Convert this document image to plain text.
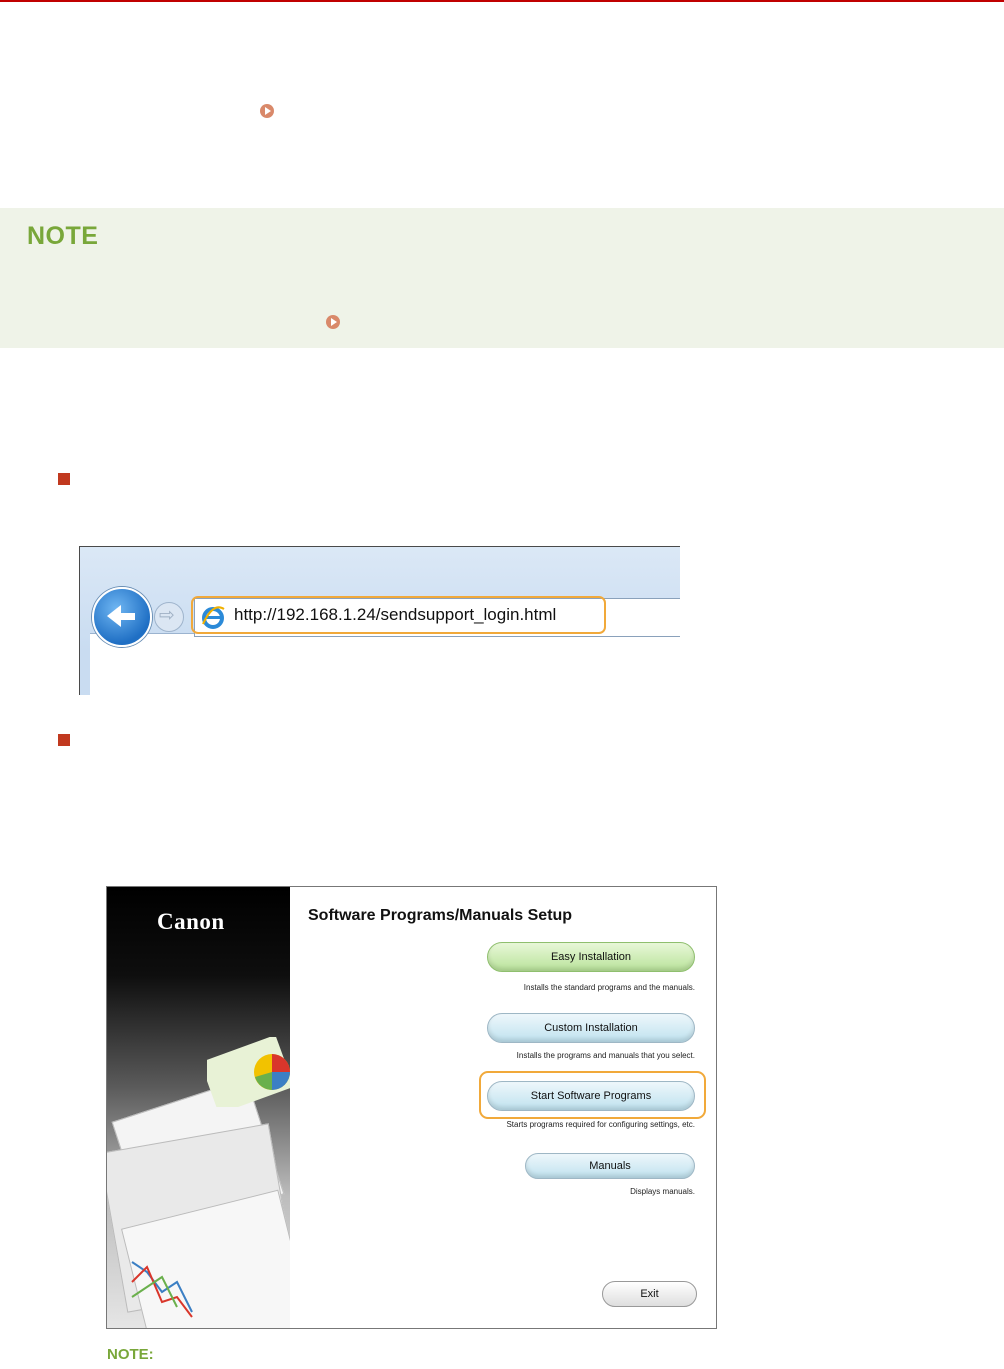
NOTE
⇨
http://192.168.1.24/sendsupport_login.html
Canon	Software Programs/Manuals Setup
Easy Installation
Installs the standard programs and the manuals.
Custom Installation
Installs the programs and manuals that you select.
Start Software Programs
Starts programs required for configuring settings, etc.
Manuals
Displays manuals.
Exit
NOTE:
